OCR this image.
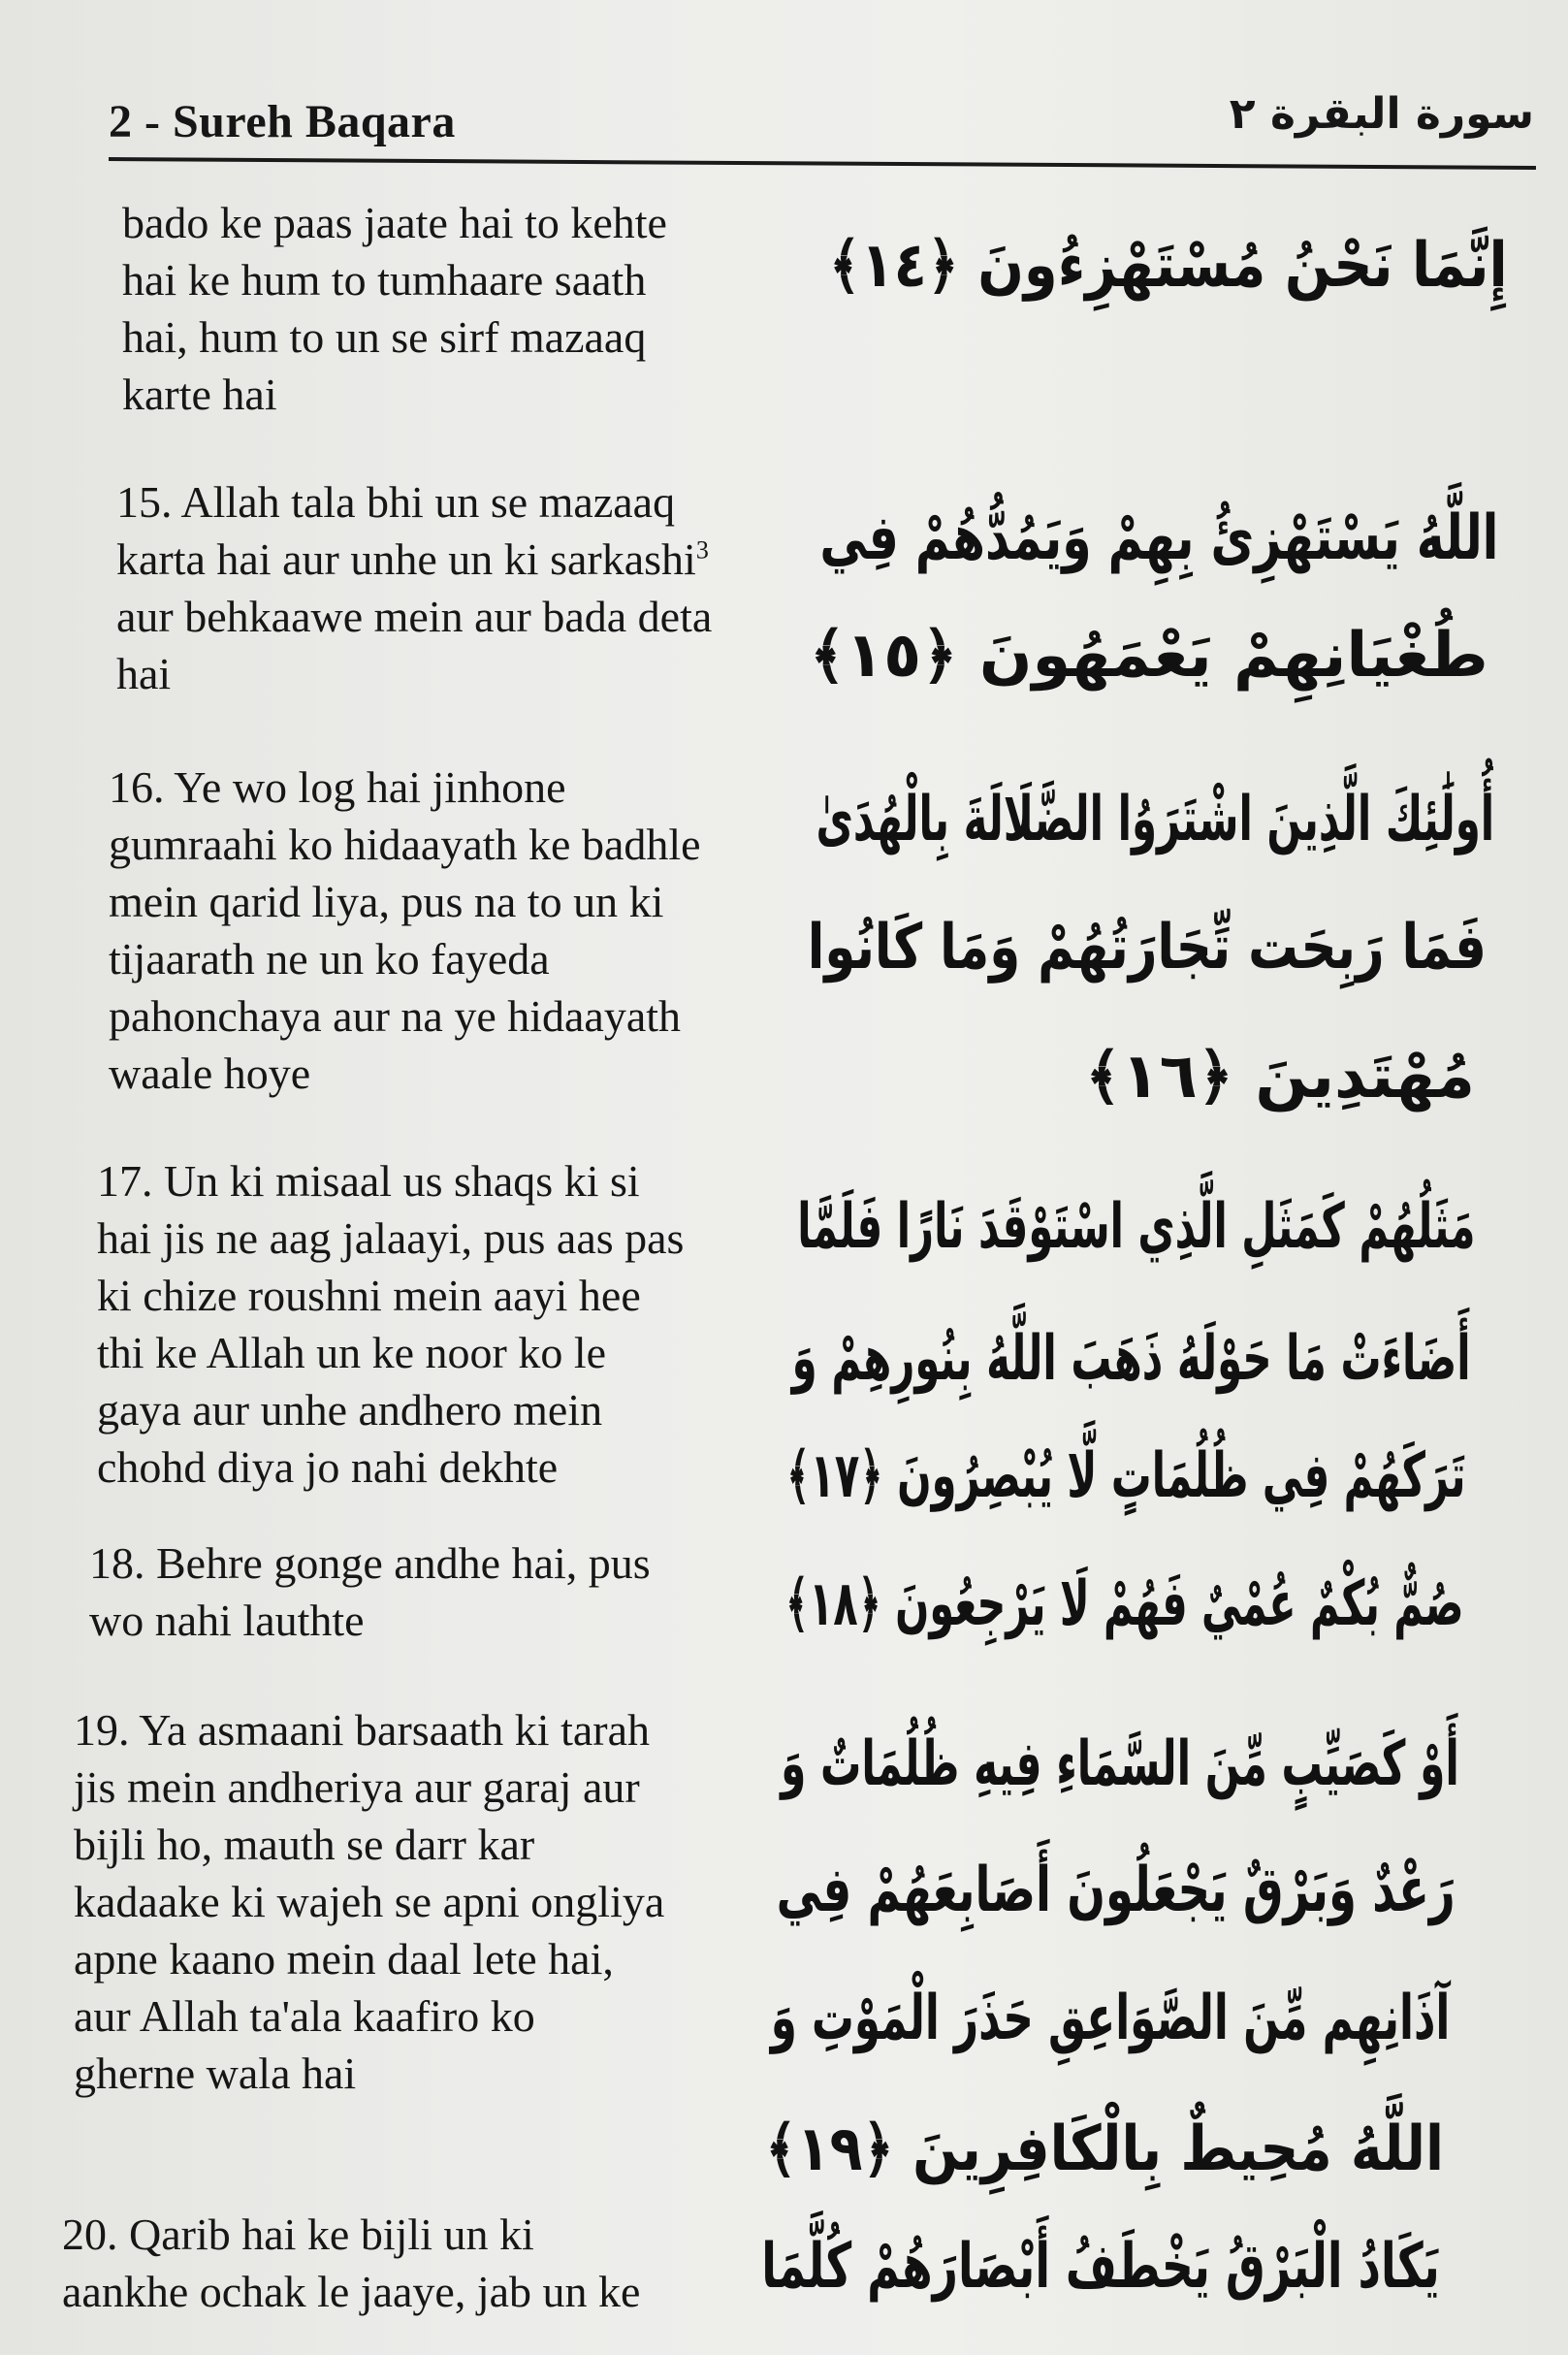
2 - Sureh Baqara	سورة البقرة ٢
bado ke paas jaate hai to kehte
hai ke hum to tumhaare saath
hai, hum to un se sirf mazaaq
karte hai
15. Allah tala bhi un se mazaaq
karta hai aur unhe un ki sarkashi$^3$
aur behkaawe mein aur bada deta
hai
16. Ye wo log hai jinhone
gumraahi ko hidaayath ke badhle
mein qarid liya, pus na to un ki
tijaarath ne un ko fayeda
pahonchaya aur na ye hidaayath
waale hoye
17. Un ki misaal us shaqs ki si
hai jis ne aag jalaayi, pus aas pas
ki chize roushni mein aayi hee
thi ke Allah un ke noor ko le
gaya aur unhe andhero mein
chohd diya jo nahi dekhte
18. Behre gonge andhe hai, pus
wo nahi lauthte
19. Ya asmaani barsaath ki tarah
jis mein andheriya aur garaj aur
bijli ho, mauth se darr kar
kadaake ki wajeh se apni ongliya
apne kaano mein daal lete hai,
aur Allah ta'ala kaafiro ko
gherne wala hai
20. Qarib hai ke bijli un ki
aankhe ochak le jaaye, jab un ke
إِنَّمَا نَحْنُ مُسْتَهْزِءُونَ ﴿١٤﴾
اللَّهُ يَسْتَهْزِئُ بِهِمْ وَيَمُدُّهُمْ فِي
طُغْيَانِهِمْ يَعْمَهُونَ ﴿١٥﴾
أُولَٰئِكَ الَّذِينَ اشْتَرَوُا الضَّلَالَةَ بِالْهُدَىٰ
فَمَا رَبِحَت تِّجَارَتُهُمْ وَمَا كَانُوا
مُهْتَدِينَ ﴿١٦﴾
مَثَلُهُمْ كَمَثَلِ الَّذِي اسْتَوْقَدَ نَارًا فَلَمَّا
أَضَاءَتْ مَا حَوْلَهُ ذَهَبَ اللَّهُ بِنُورِهِمْ وَ
تَرَكَهُمْ فِي ظُلُمَاتٍ لَّا يُبْصِرُونَ ﴿١٧﴾
صُمٌّ بُكْمٌ عُمْيٌ فَهُمْ لَا يَرْجِعُونَ ﴿١٨﴾
أَوْ كَصَيِّبٍ مِّنَ السَّمَاءِ فِيهِ ظُلُمَاتٌ وَ
رَعْدٌ وَبَرْقٌ يَجْعَلُونَ أَصَابِعَهُمْ فِي
آذَانِهِم مِّنَ الصَّوَاعِقِ حَذَرَ الْمَوْتِ وَ
اللَّهُ مُحِيطٌ بِالْكَافِرِينَ ﴿١٩﴾
يَكَادُ الْبَرْقُ يَخْطَفُ أَبْصَارَهُمْ كُلَّمَا
